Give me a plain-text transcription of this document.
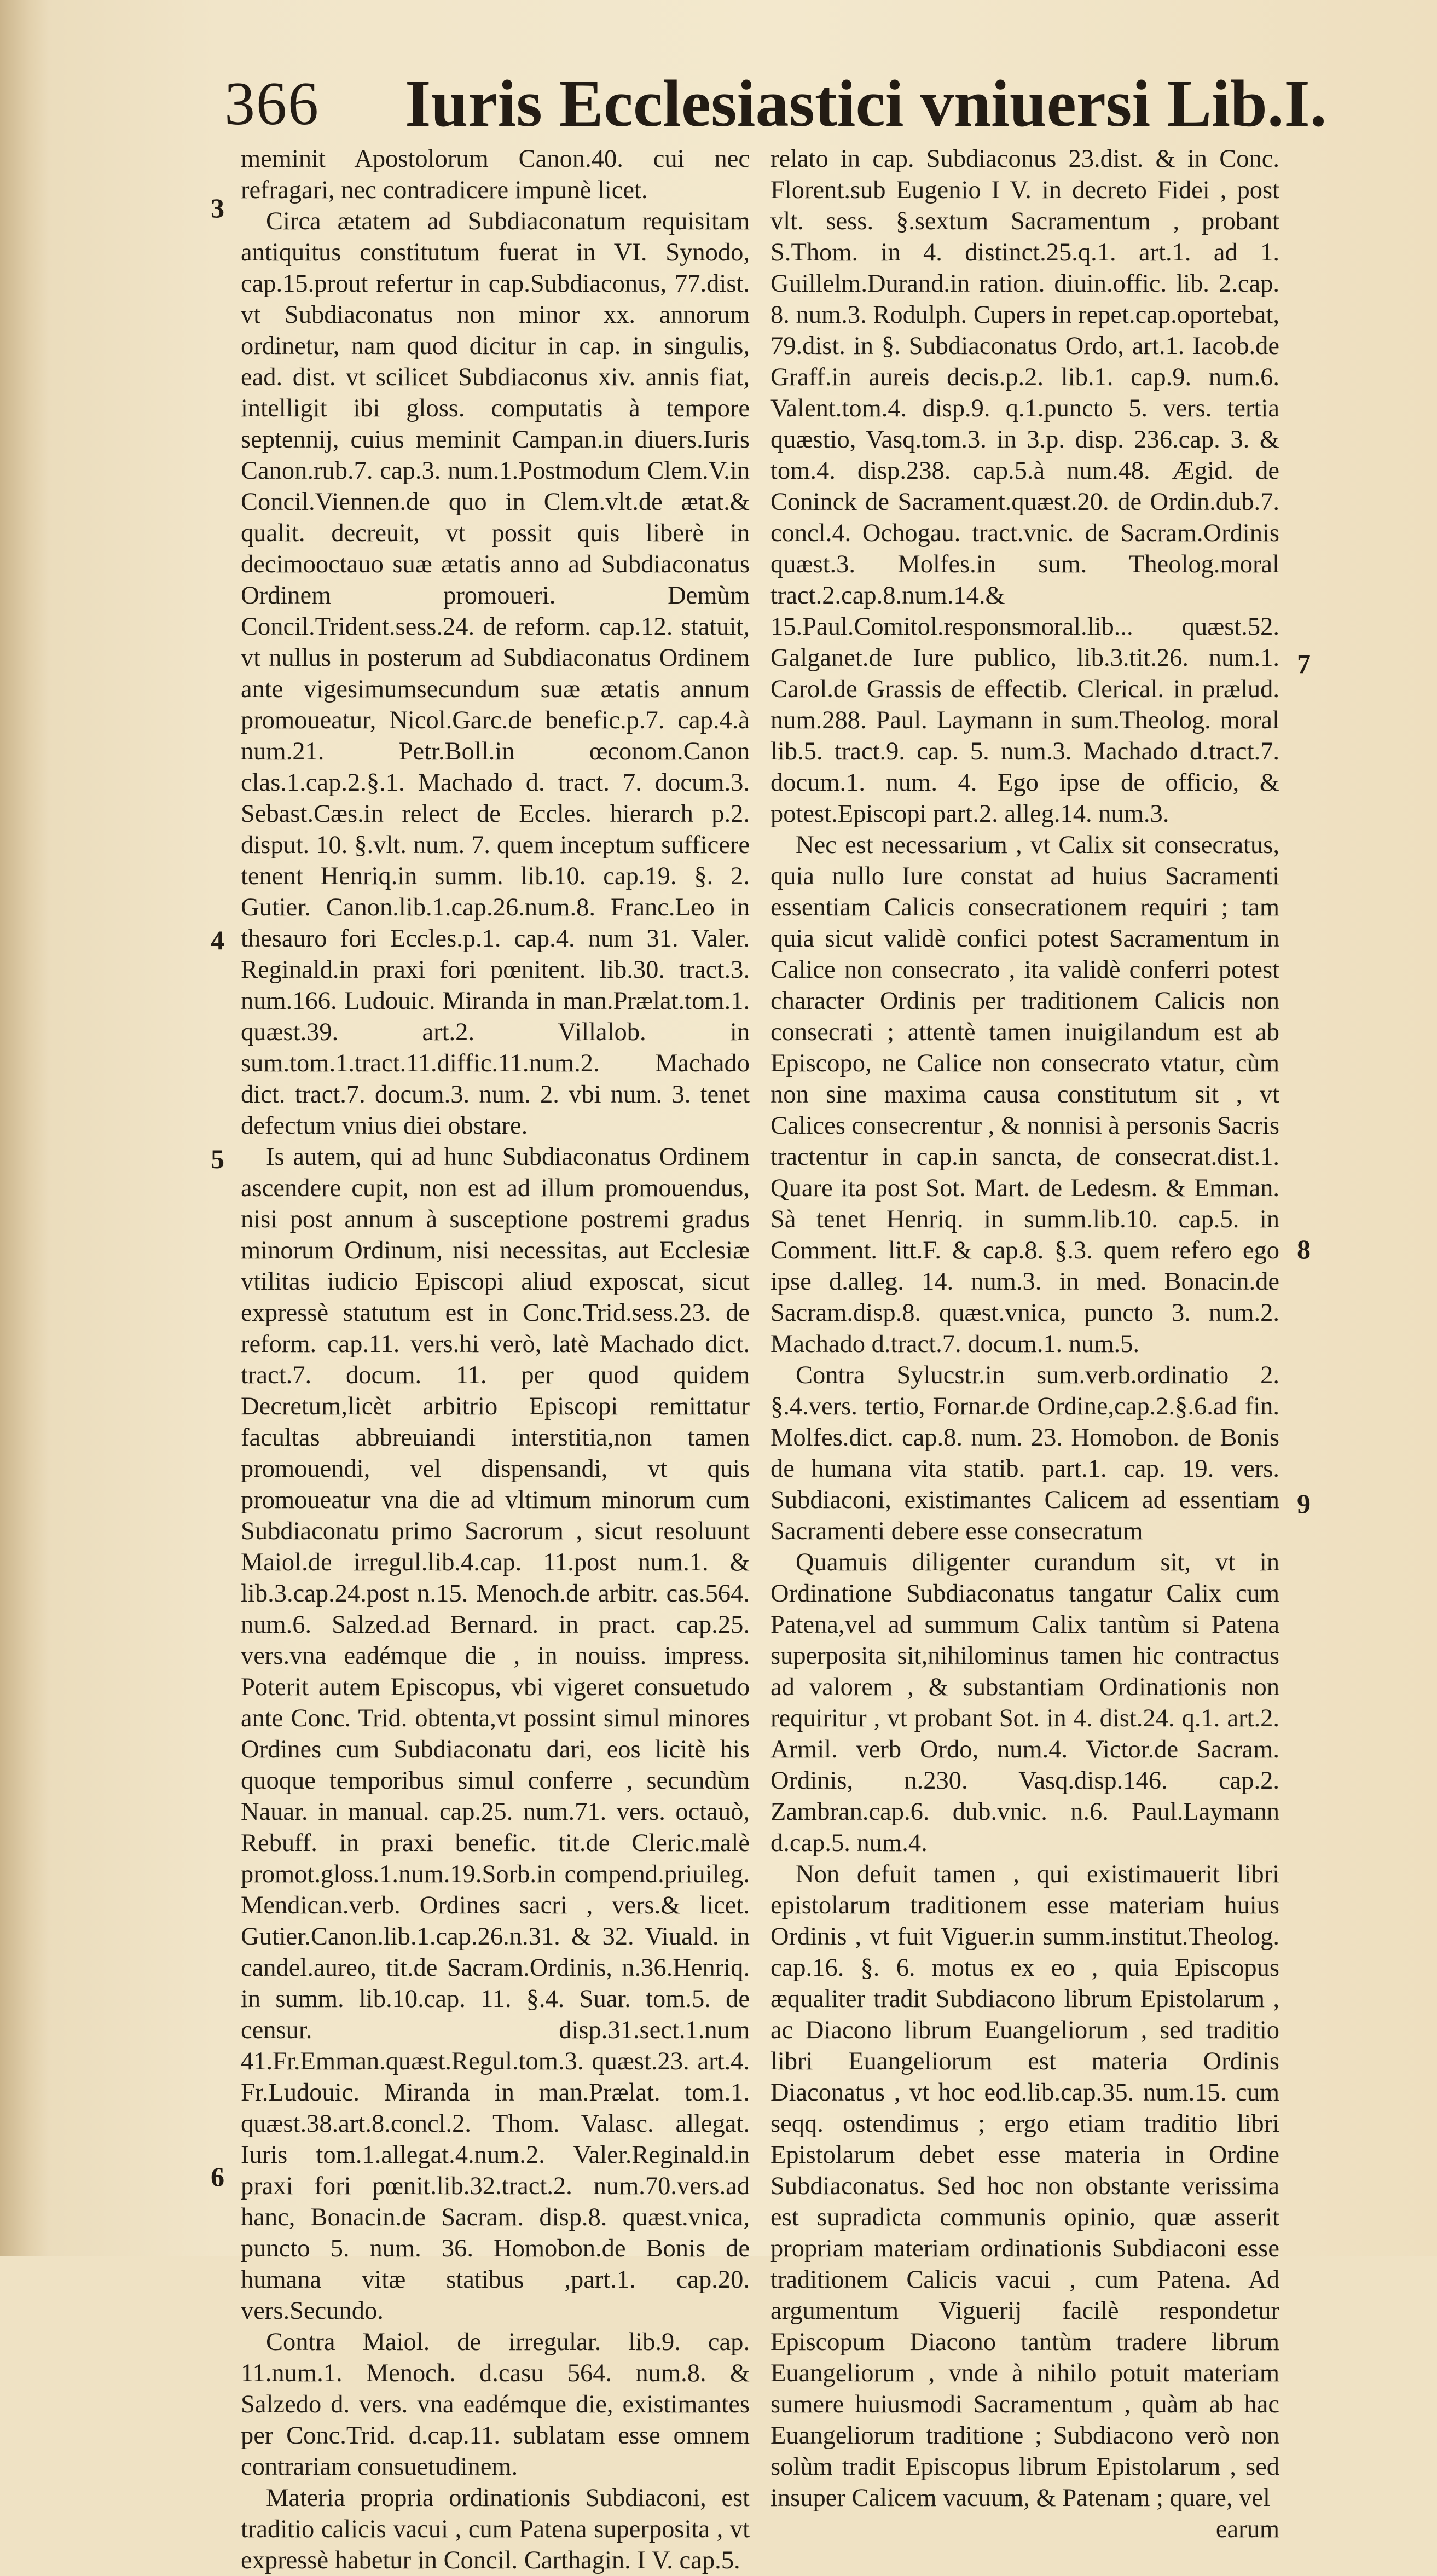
366 Iuris Ecclesiastici vniuersi Lib.I.
3
4
5
6
7
8
9

meminit Apostolorum Canon.40. cui nec refragari, nec contradicere impunè licet.

Circa ætatem ad Subdiaconatum requisitam antiquitus constitutum fuerat in VI. Synodo, cap.15.prout refertur in cap.Subdiaconus, 77.dist. vt Subdiaconatus non minor xx. annorum ordinetur, nam quod dicitur in cap. in singulis, ead. dist. vt scilicet Subdiaconus xiv. annis fiat, intelligit ibi gloss. computatis à tempore septennij, cuius meminit Campan.in diuers.Iuris Canon.rub.7. cap.3. num.1.Postmodum Clem.V.in Concil.Viennen.de quo in Clem.vlt.de ætat.& qualit. decreuit, vt possit quis liberè in decimooctauo suæ ætatis anno ad Subdiaconatus Ordinem promoueri. Demùm Concil.Trident.sess.24. de reform. cap.12. statuit, vt nullus in posterum ad Subdiaconatus Ordinem ante vigesimumsecundum suæ ætatis annum promoueatur, Nicol.Garc.de benefic.p.7. cap.4.à num.21. Petr.Boll.in œconom.Canon clas.1.cap.2.§.1. Machado d. tract. 7. docum.3. Sebast.Cæs.in relect de Eccles. hierarch p.2. disput. 10. §.vlt. num. 7. quem inceptum sufficere tenent Henriq.in summ. lib.10. cap.19. §. 2. Gutier. Canon.lib.1.cap.26.num.8. Franc.Leo in thesauro fori Eccles.p.1. cap.4. num 31. Valer. Reginald.in praxi fori pœnitent. lib.30. tract.3. num.166. Ludouic. Miranda in man.Prælat.tom.1. quæst.39. art.2. Villalob. in sum.tom.1.tract.11.diffic.11.num.2. Machado dict. tract.7. docum.3. num. 2. vbi num. 3. tenet defectum vnius diei obstare.

Is autem, qui ad hunc Subdiaconatus Ordinem ascendere cupit, non est ad illum promouendus, nisi post annum à susceptione postremi gradus minorum Ordinum, nisi necessitas, aut Ecclesiæ vtilitas iudicio Episcopi aliud exposcat, sicut expressè statutum est in Conc.Trid.sess.23. de reform. cap.11. vers.hi verò, latè Machado dict. tract.7. docum. 11. per quod quidem Decretum,licèt arbitrio Episcopi remittatur facultas abbreuiandi interstitia,non tamen promouendi, vel dispensandi, vt quis promoueatur vna die ad vltimum minorum cum Subdiaconatu primo Sacrorum , sicut resoluunt Maiol.de irregul.lib.4.cap. 11.post num.1. & lib.3.cap.24.post n.15. Menoch.de arbitr. cas.564. num.6. Salzed.ad Bernard. in pract. cap.25. vers.vna eadémque die , in nouiss. impress. Poterit autem Episcopus, vbi vigeret consuetudo ante Conc. Trid. obtenta,vt possint simul minores Ordines cum Subdiaconatu dari, eos licitè his quoque temporibus simul conferre , secundùm Nauar. in manual. cap.25. num.71. vers. octauò, Rebuff. in praxi benefic. tit.de Cleric.malè promot.gloss.1.num.19.Sorb.in compend.priuileg. Mendican.verb. Ordines sacri , vers.& licet. Gutier.Canon.lib.1.cap.26.n.31. & 32. Viuald. in candel.aureo, tit.de Sacram.Ordinis, n.36.Henriq. in summ. lib.10.cap. 11. §.4. Suar. tom.5. de censur. disp.31.sect.1.num 41.Fr.Emman.quæst.Regul.tom.3. quæst.23. art.4. Fr.Ludouic. Miranda in man.Prælat. tom.1. quæst.38.art.8.concl.2. Thom. Valasc. allegat. Iuris tom.1.allegat.4.num.2. Valer.Reginald.in praxi fori pœnit.lib.32.tract.2. num.70.vers.ad hanc, Bonacin.de Sacram. disp.8. quæst.vnica, puncto 5. num. 36. Homobon.de Bonis de humana vitæ statibus ,part.1. cap.20. vers.Secundo.

Contra Maiol. de irregular. lib.9. cap. 11.num.1. Menoch. d.casu 564. num.8. & Salzedo d. vers. vna eadémque die, existimantes per Conc.Trid. d.cap.11. sublatam esse omnem contrariam consuetudinem.

Materia propria ordinationis Subdiaconi, est traditio calicis vacui , cum Patena superposita , vt expressè habetur in Concil. Carthagin. I V. cap.5.

relato in cap. Subdiaconus 23.dist. & in Conc. Florent.sub Eugenio I V. in decreto Fidei , post vlt. sess. §.sextum Sacramentum , probant S.Thom. in 4. distinct.25.q.1. art.1. ad 1. Guillelm.Durand.in ration. diuin.offic. lib. 2.cap. 8. num.3. Rodulph. Cupers in repet.cap.oportebat, 79.dist. in §. Subdiaconatus Ordo, art.1. Iacob.de Graff.in aureis decis.p.2. lib.1. cap.9. num.6. Valent.tom.4. disp.9. q.1.puncto 5. vers. tertia quæstio, Vasq.tom.3. in 3.p. disp. 236.cap. 3. & tom.4. disp.238. cap.5.à num.48. Ægid. de Coninck de Sacrament.quæst.20. de Ordin.dub.7. concl.4. Ochogau. tract.vnic. de Sacram.Ordinis quæst.3. Molfes.in sum. Theolog.moral tract.2.cap.8.num.14.& 15.Paul.Comitol.responsmoral.lib... quæst.52. Galganet.de Iure publico, lib.3.tit.26. num.1. Carol.de Grassis de effectib. Clerical. in prælud. num.288. Paul. Laymann in sum.Theolog. moral lib.5. tract.9. cap. 5. num.3. Machado d.tract.7. docum.1. num. 4. Ego ipse de officio, & potest.Episcopi part.2. alleg.14. num.3.

Nec est necessarium , vt Calix sit consecratus, quia nullo Iure constat ad huius Sacramenti essentiam Calicis consecrationem requiri ; tam quia sicut validè confici potest Sacramentum in Calice non consecrato , ita validè conferri potest character Ordinis per traditionem Calicis non consecrati ; attentè tamen inuigilandum est ab Episcopo, ne Calice non consecrato vtatur, cùm non sine maxima causa constitutum sit , vt Calices consecrentur , & nonnisi à personis Sacris tractentur in cap.in sancta, de consecrat.dist.1. Quare ita post Sot. Mart. de Ledesm. & Emman. Sà tenet Henriq. in summ.lib.10. cap.5. in Comment. litt.F. & cap.8. §.3. quem refero ego ipse d.alleg. 14. num.3. in med. Bonacin.de Sacram.disp.8. quæst.vnica, puncto 3. num.2. Machado d.tract.7. docum.1. num.5.

Contra Sylucstr.in sum.verb.ordinatio 2. §.4.vers. tertio, Fornar.de Ordine,cap.2.§.6.ad fin. Molfes.dict. cap.8. num. 23. Homobon. de Bonis de humana vita statib. part.1. cap. 19. vers. Subdiaconi, existimantes Calicem ad essentiam Sacramenti debere esse consecratum

Quamuis diligenter curandum sit, vt in Ordinatione Subdiaconatus tangatur Calix cum Patena,vel ad summum Calix tantùm si Patena superposita sit,nihilominus tamen hic contractus ad valorem , & substantiam Ordinationis non requiritur , vt probant Sot. in 4. dist.24. q.1. art.2. Armil. verb Ordo, num.4. Victor.de Sacram. Ordinis, n.230. Vasq.disp.146. cap.2. Zambran.cap.6. dub.vnic. n.6. Paul.Laymann d.cap.5. num.4.

Non defuit tamen , qui existimauerit libri epistolarum traditionem esse materiam huius Ordinis , vt fuit Viguer.in summ.institut.Theolog. cap.16. §. 6. motus ex eo , quia Episcopus æqualiter tradit Subdiacono librum Epistolarum , ac Diacono librum Euangeliorum , sed traditio libri Euangeliorum est materia Ordinis Diaconatus , vt hoc eod.lib.cap.35. num.15. cum seqq. ostendimus ; ergo etiam traditio libri Epistolarum debet esse materia in Ordine Subdiaconatus. Sed hoc non obstante verissima est supradicta communis opinio, quæ asserit propriam materiam ordinationis Subdiaconi esse traditionem Calicis vacui , cum Patena. Ad argumentum Viguerij facilè respondetur Episcopum Diacono tantùm tradere librum Euangeliorum , vnde à nihilo potuit materiam sumere huiusmodi Sacramentum , quàm ab hac Euangeliorum traditione ; Subdiacono verò non solùm tradit Episcopus librum Epistolarum , sed insuper Calicem vacuum, & Patenam ; quare, vel

earum
